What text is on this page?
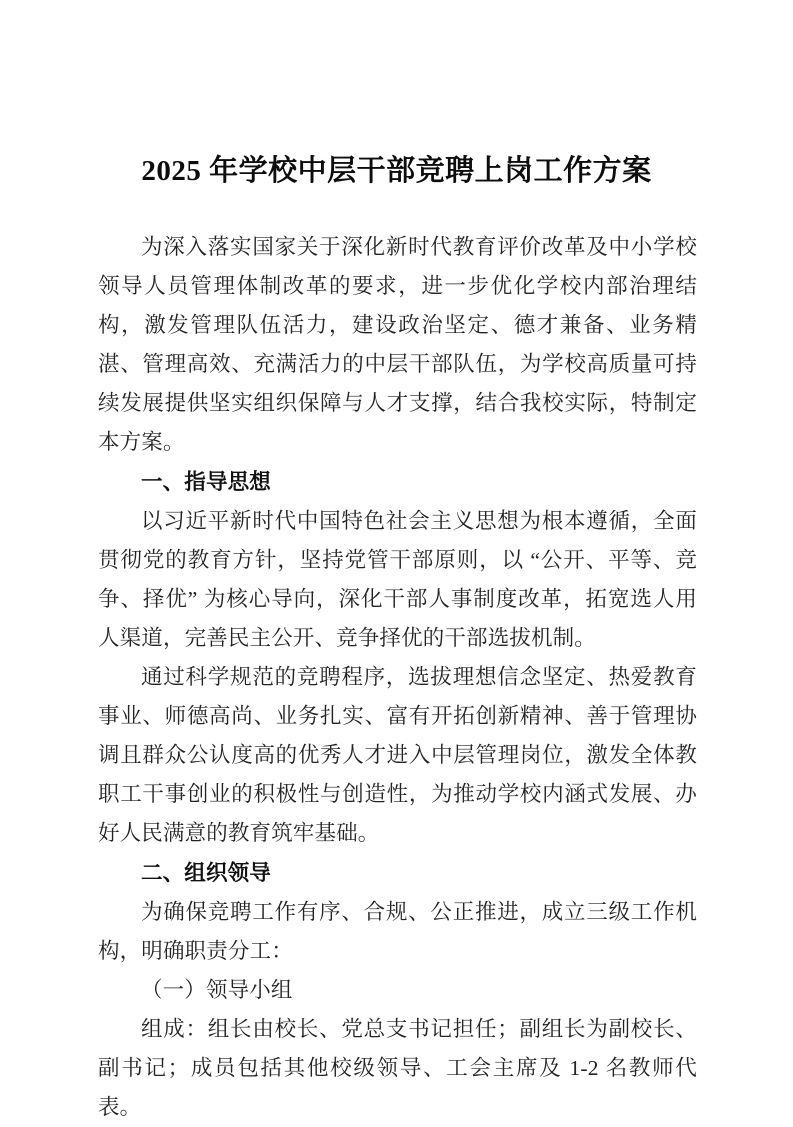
2025 年学校中层干部竞聘上岗工作方案

为深入落实国家关于深化新时代教育评价改革及中小学校领导人员管理体制改革的要求，进一步优化学校内部治理结构，激发管理队伍活力，建设政治坚定、德才兼备、业务精湛、管理高效、充满活力的中层干部队伍，为学校高质量可持续发展提供坚实组织保障与人才支撑，结合我校实际，特制定本方案。

一、指导思想

以习近平新时代中国特色社会主义思想为根本遵循，全面贯彻党的教育方针，坚持党管干部原则，以 “公开、平等、竞争、择优” 为核心导向，深化干部人事制度改革，拓宽选人用人渠道，完善民主公开、竞争择优的干部选拔机制。

通过科学规范的竞聘程序，选拔理想信念坚定、热爱教育事业、师德高尚、业务扎实、富有开拓创新精神、善于管理协调且群众公认度高的优秀人才进入中层管理岗位，激发全体教职工干事创业的积极性与创造性，为推动学校内涵式发展、办好人民满意的教育筑牢基础。

二、组织领导

为确保竞聘工作有序、合规、公正推进，成立三级工作机构，明确职责分工：

（一）领导小组

组成：组长由校长、党总支书记担任；副组长为副校长、副书记；成员包括其他校级领导、工会主席及 1-2 名教师代表。
